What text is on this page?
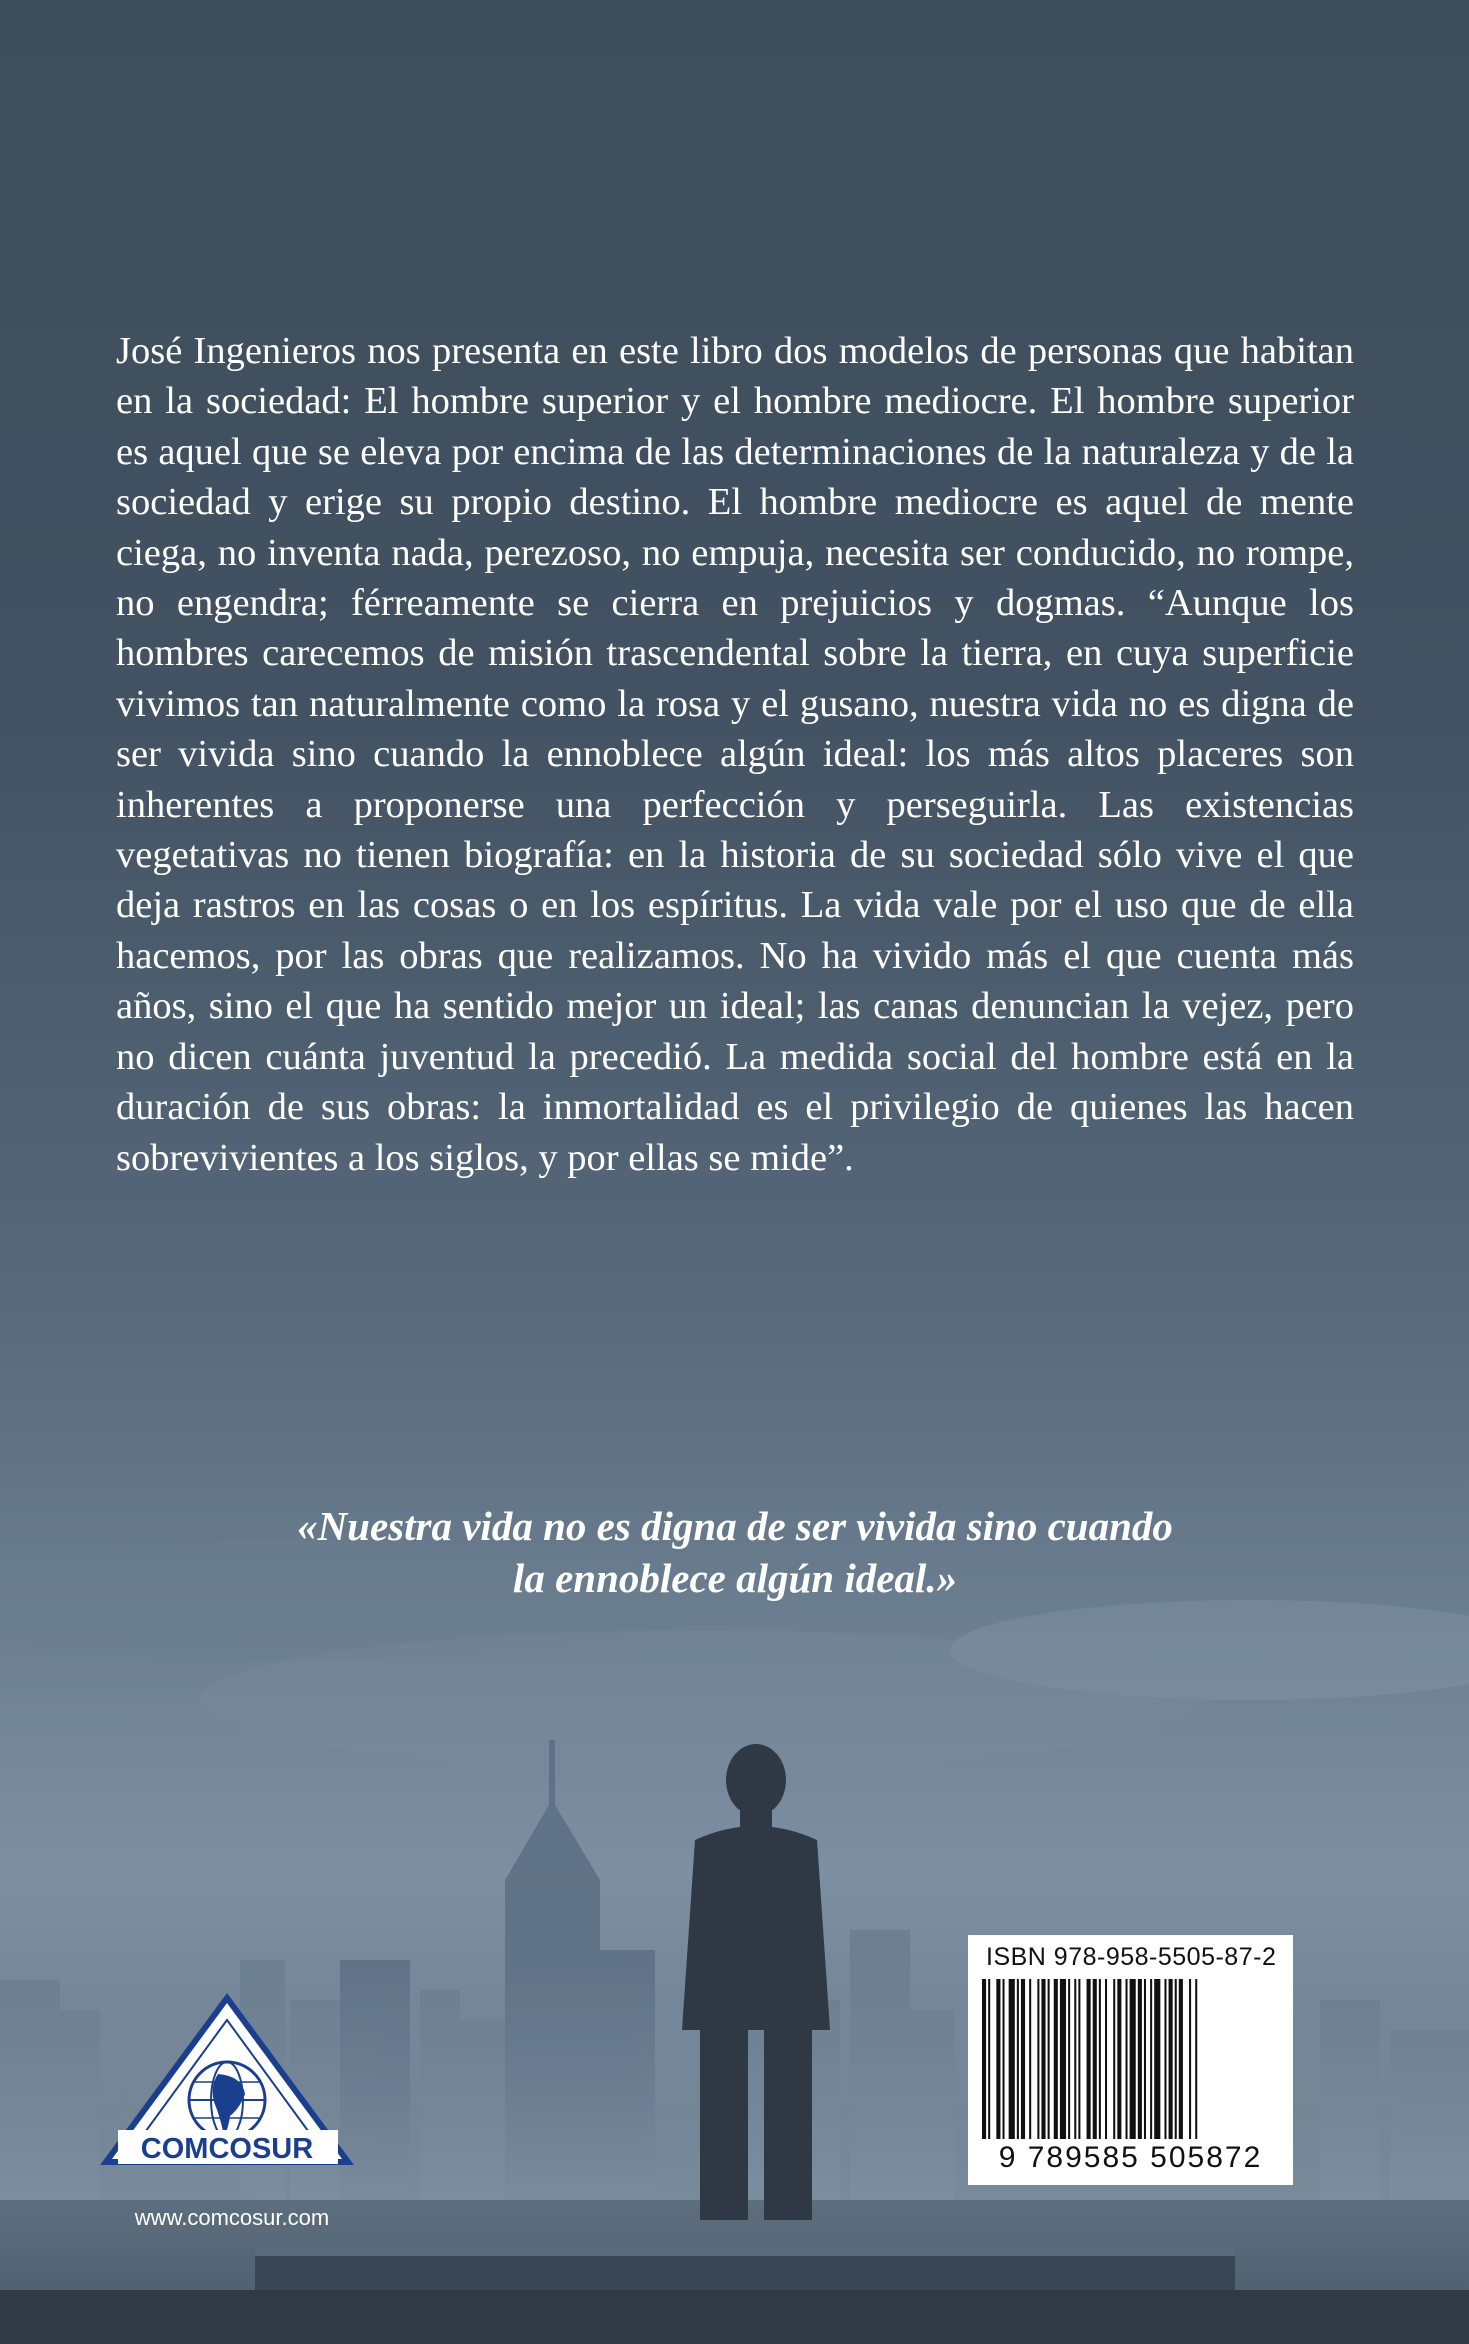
José Ingenieros nos presenta en este libro dos modelos de personas que habitan en la sociedad: El hombre superior y el hombre mediocre. El hombre superior es aquel que se eleva por encima de las determinaciones de la naturaleza y de la sociedad y erige su propio destino. El hombre mediocre es aquel de mente ciega, no inventa nada, perezoso, no empuja, necesita ser conducido, no rompe, no engendra; férreamente se cierra en prejuicios y dogmas. “Aunque los hombres carecemos de misión trascendental sobre la tierra, en cuya superficie vivimos tan naturalmente como la rosa y el gusano, nuestra vida no es digna de ser vivida sino cuando la ennoblece algún ideal: los más altos placeres son inherentes a proponerse una perfección y perseguirla. Las existencias vegetativas no tienen biografía: en la historia de su sociedad sólo vive el que deja rastros en las cosas o en los espíritus. La vida vale por el uso que de ella hacemos, por las obras que realizamos. No ha vivido más el que cuenta más años, sino el que ha sentido mejor un ideal; las canas denuncian la vejez, pero no dicen cuánta juventud la precedió. La medida social del hombre está en la duración de sus obras: la inmortalidad es el privilegio de quienes las hacen sobrevivientes a los siglos, y por ellas se mide”.

«Nuestra vida no es digna de ser vivida sino cuando
la ennoblece algún ideal.»

COMCOSUR
www.comcosur.com
ISBN 978-958-5505-87-2
9 789585 505872
